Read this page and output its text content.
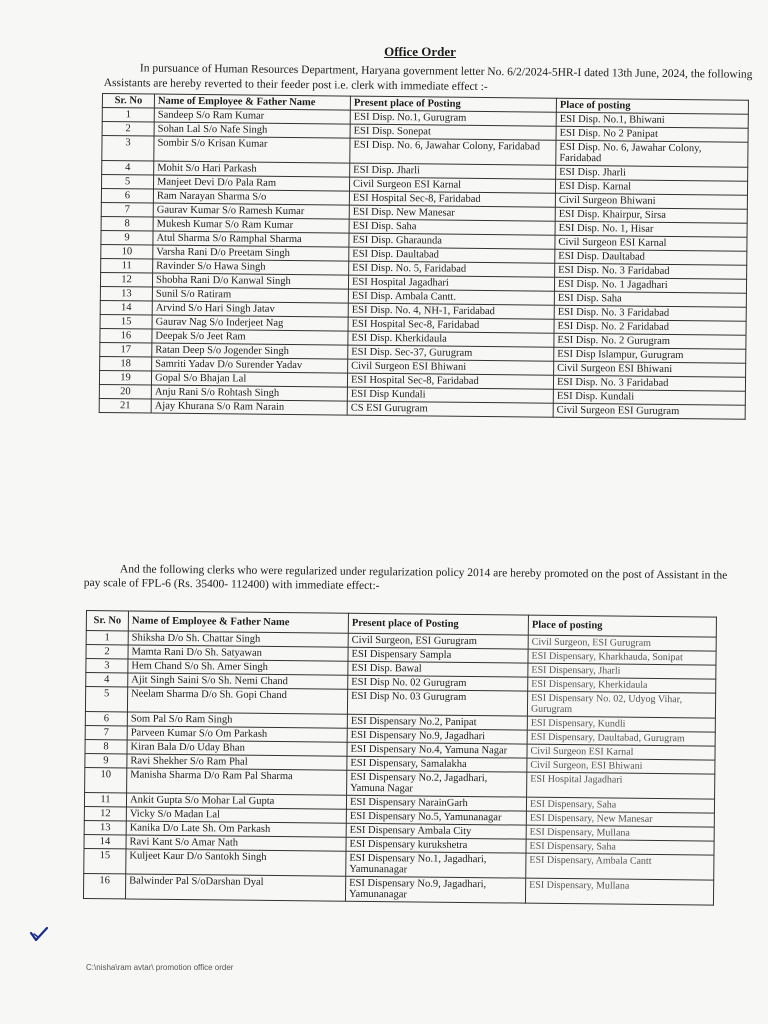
Office Order
In pursuance of Human Resources Department, Haryana government letter No. 6/2/2024-5HR-I dated 13th June, 2024, the following Assistants are hereby reverted to their feeder post i.e. clerk with immediate effect :-
Sr. No	Name of Employee & Father Name	Present place of Posting	Place of posting
1	Sandeep S/o Ram Kumar	ESI Disp. No.1, Gurugram	ESI Disp. No.1, Bhiwani
2	Sohan Lal S/o Nafe Singh	ESI Disp. Sonepat	ESI Disp. No 2 Panipat
3	Sombir S/o Krisan Kumar	ESI Disp. No. 6, Jawahar Colony, Faridabad	ESI Disp. No. 6, Jawahar Colony, Faridabad
4	Mohit S/o Hari Parkash	ESI Disp. Jharli	ESI Disp. Jharli
5	Manjeet Devi D/o Pala Ram	Civil Surgeon ESI Karnal	ESI Disp. Karnal
6	Ram Narayan Sharma S/o	ESI Hospital Sec-8, Faridabad	Civil Surgeon Bhiwani
7	Gaurav Kumar S/o Ramesh Kumar	ESI Disp. New Manesar	ESI Disp. Khairpur, Sirsa
8	Mukesh Kumar S/o Ram Kumar	ESI Disp. Saha	ESI Disp. No. 1, Hisar
9	Atul Sharma S/o Ramphal Sharma	ESI Disp. Gharaunda	Civil Surgeon ESI Karnal
10	Varsha Rani D/o Preetam Singh	ESI Disp. Daultabad	ESI Disp. Daultabad
11	Ravinder S/o Hawa Singh	ESI Disp. No. 5, Faridabad	ESI Disp. No. 3 Faridabad
12	Shobha Rani D/o Kanwal Singh	ESI Hospital Jagadhari	ESI Disp. No. 1 Jagadhari
13	Sunil S/o Ratiram	ESI Disp. Ambala Cantt.	ESI Disp. Saha
14	Arvind S/o Hari Singh Jatav	ESI Disp. No. 4, NH-1, Faridabad	ESI Disp. No. 3 Faridabad
15	Gaurav Nag S/o Inderjeet Nag	ESI Hospital Sec-8, Faridabad	ESI Disp. No. 2 Faridabad
16	Deepak S/o Jeet Ram	ESI Disp. Kherkidaula	ESI Disp. No. 2 Gurugram
17	Ratan Deep S/o Jogender Singh	ESI Disp. Sec-37, Gurugram	ESI Disp Islampur, Gurugram
18	Samriti Yadav D/o Surender Yadav	Civil Surgeon ESI Bhiwani	Civil Surgeon ESI Bhiwani
19	Gopal S/o Bhajan Lal	ESI Hospital Sec-8, Faridabad	ESI Disp. No. 3 Faridabad
20	Anju Rani S/o Rohtash Singh	ESI Disp Kundali	ESI Disp. Kundali
21	Ajay Khurana S/o Ram Narain	CS ESI Gurugram	Civil Surgeon ESI Gurugram
And the following clerks who were regularized under regularization policy 2014 are hereby promoted on the post of Assistant in the pay scale of FPL-6 (Rs. 35400- 112400) with immediate effect:-
Sr. No	Name of Employee & Father Name	Present place of Posting	Place of posting
1	Shiksha D/o Sh. Chattar Singh	Civil Surgeon, ESI Gurugram	Civil Surgeon, ESI Gurugram
2	Mamta Rani D/o Sh. Satyawan	ESI Dispensary Sampla	ESI Dispensary, Kharkhauda, Sonipat
3	Hem Chand S/o Sh. Amer Singh	ESI Disp. Bawal	ESI Dispensary, Jharli
4	Ajit Singh Saini S/o Sh. Nemi Chand	ESI Disp No. 02 Gurugram	ESI Dispensary, Kherkidaula
5	Neelam Sharma D/o Sh. Gopi Chand	ESI Disp No. 03 Gurugram	ESI Dispensary No. 02, Udyog Vihar, Gurugram
6	Som Pal S/o Ram Singh	ESI Dispensary No.2, Panipat	ESI Dispensary, Kundli
7	Parveen Kumar S/o Om Parkash	ESI Dispensary No.9, Jagadhari	ESI Dispensary, Daultabad, Gurugram
8	Kiran Bala D/o Uday Bhan	ESI Dispensary No.4, Yamuna Nagar	Civil Surgeon ESI Karnal
9	Ravi Shekher S/o Ram Phal	ESI Dispensary, Samalakha	Civil Surgeon, ESI Bhiwani
10	Manisha Sharma D/o Ram Pal Sharma	ESI Dispensary No.2, Jagadhari, Yamuna Nagar	ESI Hospital Jagadhari
11	Ankit Gupta S/o Mohar Lal Gupta	ESI Dispensary NarainGarh	ESI Dispensary, Saha
12	Vicky S/o Madan Lal	ESI Dispensary No.5, Yamunanagar	ESI Dispensary, New Manesar
13	Kanika D/o Late Sh. Om Parkash	ESI Dispensary Ambala City	ESI Dispensary, Mullana
14	Ravi Kant S/o Amar Nath	ESI Dispensary kurukshetra	ESI Dispensary, Saha
15	Kuljeet Kaur D/o Santokh Singh	ESI Dispensary No.1, Jagadhari, Yamunanagar	ESI Dispensary, Ambala Cantt
16	Balwinder Pal S/oDarshan Dyal	ESI Dispensary No.9, Jagadhari, Yamunanagar	ESI Dispensary, Mullana
C:\nisha\ram avtar\ promotion office order
